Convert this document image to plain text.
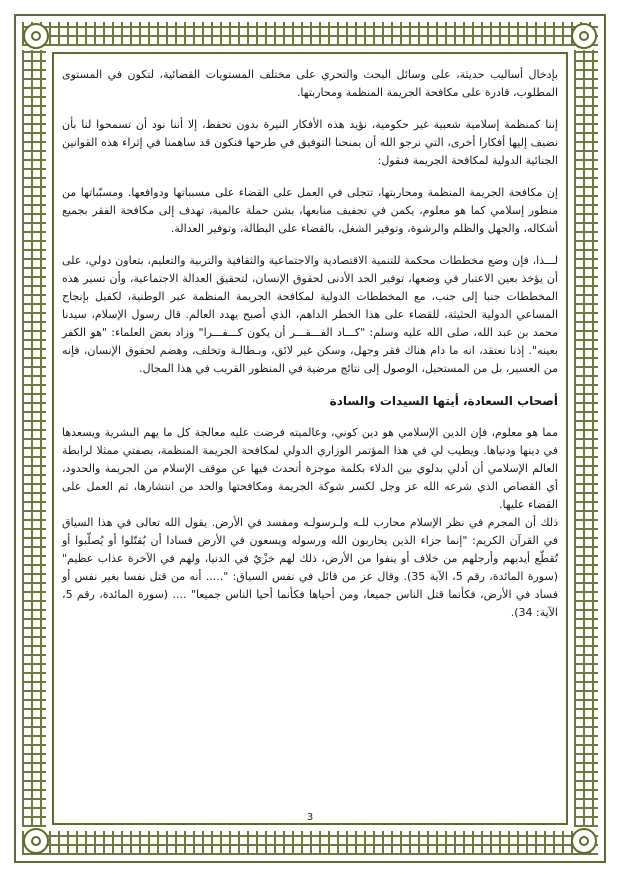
بإدخال أساليب حديثة، على وسائل البحث والتحري على مختلف المستويات القضائية، لتكون في المستوى المطلوب، قادرة على مكافحة الجريمة المنظمة ومحاربتها.

إننا كمنظمة إسلامية شعبية غير حكومية، نؤيد هذه الأفكار النيرة بدون تحفظ، إلا أننا نود أن تسمحوا لنا بأن نضيف إليها أفكارا أخرى، التي نرجو الله أن يمنحنا التوفيق في طرحها فنكون قد ساهمنا في إثراء هذه القوانين الجنائية الدولية لمكافحة الجريمة فنقول:

إن مكافحة الجريمة المنظمة ومحاربتها، تتجلى في العمل على القضاء على مسبباتها ودوافعها. ومسبّباتها من منظور إسلامي كما هو معلوم، يكمن في تجفيف منابعها، بشن حملة عالمية، تهدف إلى مكافحة الفقر بجميع أشكاله، والجهل والظلم والرشوة، وتوفير الشغل، بالقضاء على البطالة، وتوفير العدالة.

لـــذا، فإن وضع مخططات محكمة للتنمية الاقتصادية والاجتماعية والثقافية والتربية والتعليم، بتعاون دولي، على أن يؤخذ بعين الاعتبار في وضعها، توفير الحد الأدنى لحقوق الإنسان، لتحقيق العدالة الاجتماعية، وأن تسير هذه المخططات جنبا إلى جنب، مع المخططات الدولية لمكافحة الجريمة المنظمة عبر الوطنية، لكفيل بإنجاح المساعي الدولية الحثيثة، للقضاء على هذا الخطر الداهم، الذي أصبح يهدد العالم. قال رسول الإسلام، سيدنا محمد بن عبد الله، صلى الله عليه وسلم: "كـــاد الفـــقـــر أن يكون كـــفـــرا" وزاد بعض العلماء: "هو الكفر بعينه". إذنا نعتقد، انه ما دام هناك فقر وجهل، وسكن غير لائق، وبـطالـة وتخلف، وهضم لحقوق الإنسان، فإنه من العسير، بل من المستحيل، الوصول إلى نتائج مرضية في المنظور القريب في هذا المجال.

أصحاب السعادة، أيتها السيدات والسادة

مما هو معلوم، فإن الدين الإسلامي هو دين كوني، وعالميته فرضت عليه معالجة كل ما يهم البشرية ويسعدها في دينها ودنياها. ويطيب لي في هذا المؤتمر الوزاري الدولي لمكافحة الجريمة المنظمة، بصفتي ممثلا لرابطة العالم الإسلامي أن أدلي بدلوي بين الدلاء بكلمة موجزة أتحدث فيها عن موقف الإسلام من الجريمة والحدود، أي القصاص الذي شرعه الله عز وجل لكسر شوكة الجريمة ومكافحتها والحد من انتشارها، ثم العمل على القضاء عليها.

ذلك أن المجرم في نظر الإسلام محارب للـه ولـرسولـه ومفسد في الأرض. يقول الله تعالى في هذا السياق في القرآن الكريم: "إنما جزاء الذين يحاربون الله ورسوله ويسعون في الأرض فسادا أن يُقتّلوا أو يُصلّبوا أو تُقطّع أيديهم وأرجلهم من خلاف أو ينفوا من الأرض، ذلك لهم خزْيٌ في الدنيا، ولهم في الآخرة عذاب عظيم" (سورة المائدة، رقم 5، الآية 35). وقال عز من قائل في نفس السياق: "..... أنه من قتل نفسا بغير نفس أو فساد في الأرض، فكأنما قتل الناس جميعا، ومن أحياها فكأنما أحيا الناس جميعا" .... (سورة المائدة، رقم 5، الآية: 34).

3
